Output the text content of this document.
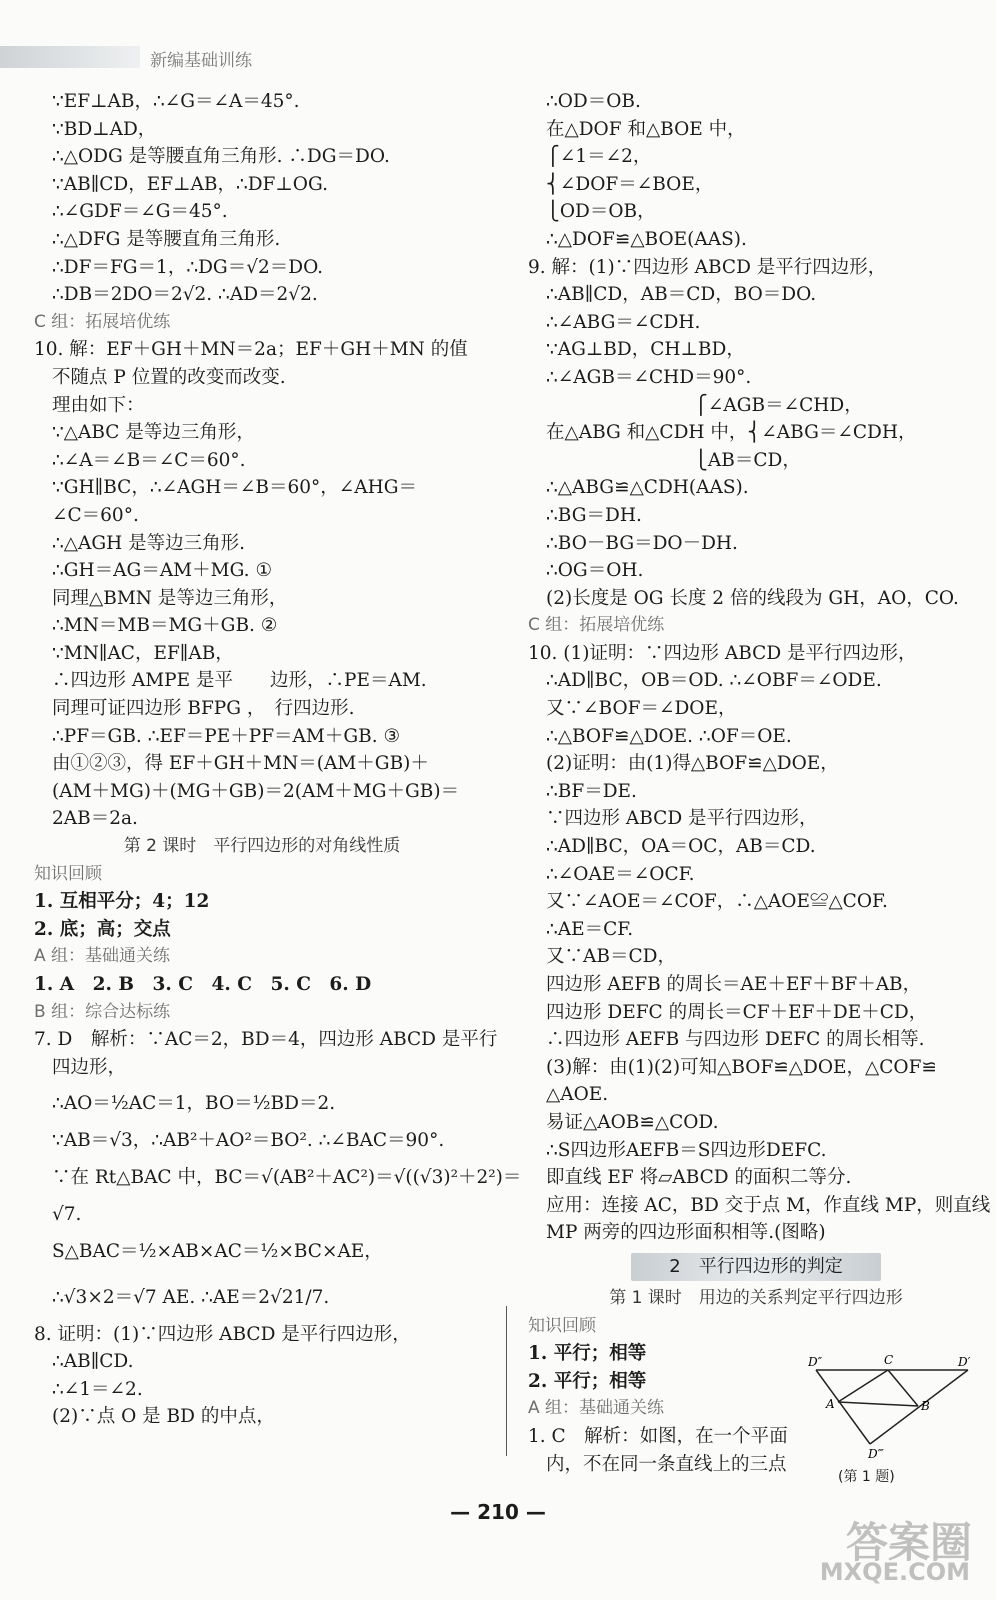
新编基础训练
∵EF⊥AB，∴∠G＝∠A＝45°.
∵BD⊥AD，
∴△ODG 是等腰直角三角形. ∴DG＝DO.
∵AB∥CD，EF⊥AB，∴DF⊥OG.
∴∠GDF＝∠G＝45°.
∴△DFG 是等腰直角三角形.
∴DF＝FG＝1，∴DG＝√2＝DO.
∴DB＝2DO＝2√2. ∴AD＝2√2.
C 组：拓展培优练
10. 解：EF＋GH＋MN＝2a；EF＋GH＋MN 的值
不随点 P 位置的改变而改变.
理由如下：
∵△ABC 是等边三角形，
∴∠A＝∠B＝∠C＝60°.
∵GH∥BC，∴∠AGH＝∠B＝60°，∠AHG＝
∠C＝60°.
∴△AGH 是等边三角形.
∴GH＝AG＝AM＋MG. ①
同理△BMN 是等边三角形，
∴MN＝MB＝MG＋GB. ②
∵MN∥AC，EF∥AB，
∴四边形 AMPE 是平　　边形，∴PE＝AM.
同理可证四边形 BFPG ，　行四边形.
∴PF＝GB. ∴EF＝PE＋PF＝AM＋GB. ③
由①②③，得 EF＋GH＋MN＝(AM＋GB)＋
(AM＋MG)＋(MG＋GB)＝2(AM＋MG＋GB)＝
2AB＝2a.
第 2 课时　平行四边形的对角线性质
知识回顾
1. 互相平分；4；12
2. 底；高；交点
A 组：基础通关练
1. A　2. B　3. C　4. C　5. C　6. D
B 组：综合达标练
7. D　解析：∵AC＝2，BD＝4，四边形 ABCD 是平行
四边形，
∴AO＝½AC＝1，BO＝½BD＝2.
∵AB＝√3，∴AB²＋AO²＝BO². ∴∠BAC＝90°.
∵在 Rt△BAC 中，BC＝√(AB²＋AC²)＝√((√3)²＋2²)＝
√7.
S△BAC＝½×AB×AC＝½×BC×AE，
∴√3×2＝√7 AE. ∴AE＝2√21/7.
8. 证明：(1)∵四边形 ABCD 是平行四边形，
∴AB∥CD.
∴∠1＝∠2.
(2)∵点 O 是 BD 的中点，
∴OD＝OB.
在△DOF 和△BOE 中，
⎧∠1＝∠2，
⎨∠DOF＝∠BOE，
⎩OD＝OB，
∴△DOF≌△BOE(AAS).
9. 解：(1)∵四边形 ABCD 是平行四边形，
∴AB∥CD，AB＝CD，BO＝DO.
∴∠ABG＝∠CDH.
∵AG⊥BD，CH⊥BD，
∴∠AGB＝∠CHD＝90°.
　　　　　　　　⎧∠AGB＝∠CHD，
在△ABG 和△CDH 中，⎨∠ABG＝∠CDH，
　　　　　　　　⎩AB＝CD，
∴△ABG≌△CDH(AAS).
∴BG＝DH.
∴BO－BG＝DO－DH.
∴OG＝OH.
(2)长度是 OG 长度 2 倍的线段为 GH，AO，CO.
C 组：拓展培优练
10. (1)证明：∵四边形 ABCD 是平行四边形，
∴AD∥BC，OB＝OD. ∴∠OBF＝∠ODE.
又∵∠BOF＝∠DOE，
∴△BOF≌△DOE. ∴OF＝OE.
(2)证明：由(1)得△BOF≌△DOE，
∴BF＝DE.
∵四边形 ABCD 是平行四边形，
∴AD∥BC，OA＝OC，AB＝CD.
∴∠OAE＝∠OCF.
又∵∠AOE＝∠COF，∴△AOE≌△COF.
∴AE＝CF.
又∵AB＝CD，
四边形 AEFB 的周长＝AE＋EF＋BF＋AB，
四边形 DEFC 的周长＝CF＋EF＋DE＋CD，
∴四边形 AEFB 与四边形 DEFC 的周长相等.
(3)解：由(1)(2)可知△BOF≌△DOE，△COF≌
△AOE.
易证△AOB≌△COD.
∴S四边形AEFB＝S四边形DEFC.
即直线 EF 将▱ABCD 的面积二等分.
应用：连接 AC，BD 交于点 M，作直线 MP，则直线
MP 两旁的四边形面积相等.(图略)
2　平行四边形的判定
第 1 课时　用边的关系判定平行四边形
知识回顾
1. 平行；相等
2. 平行；相等
A 组：基础通关练
1. C　解析：如图，在一个平面
内，不在同一条直线上的三点
D″	C	D′
A	B
D‴
(第 1 题)
— 210 —
答案圈
MXQE.COM
